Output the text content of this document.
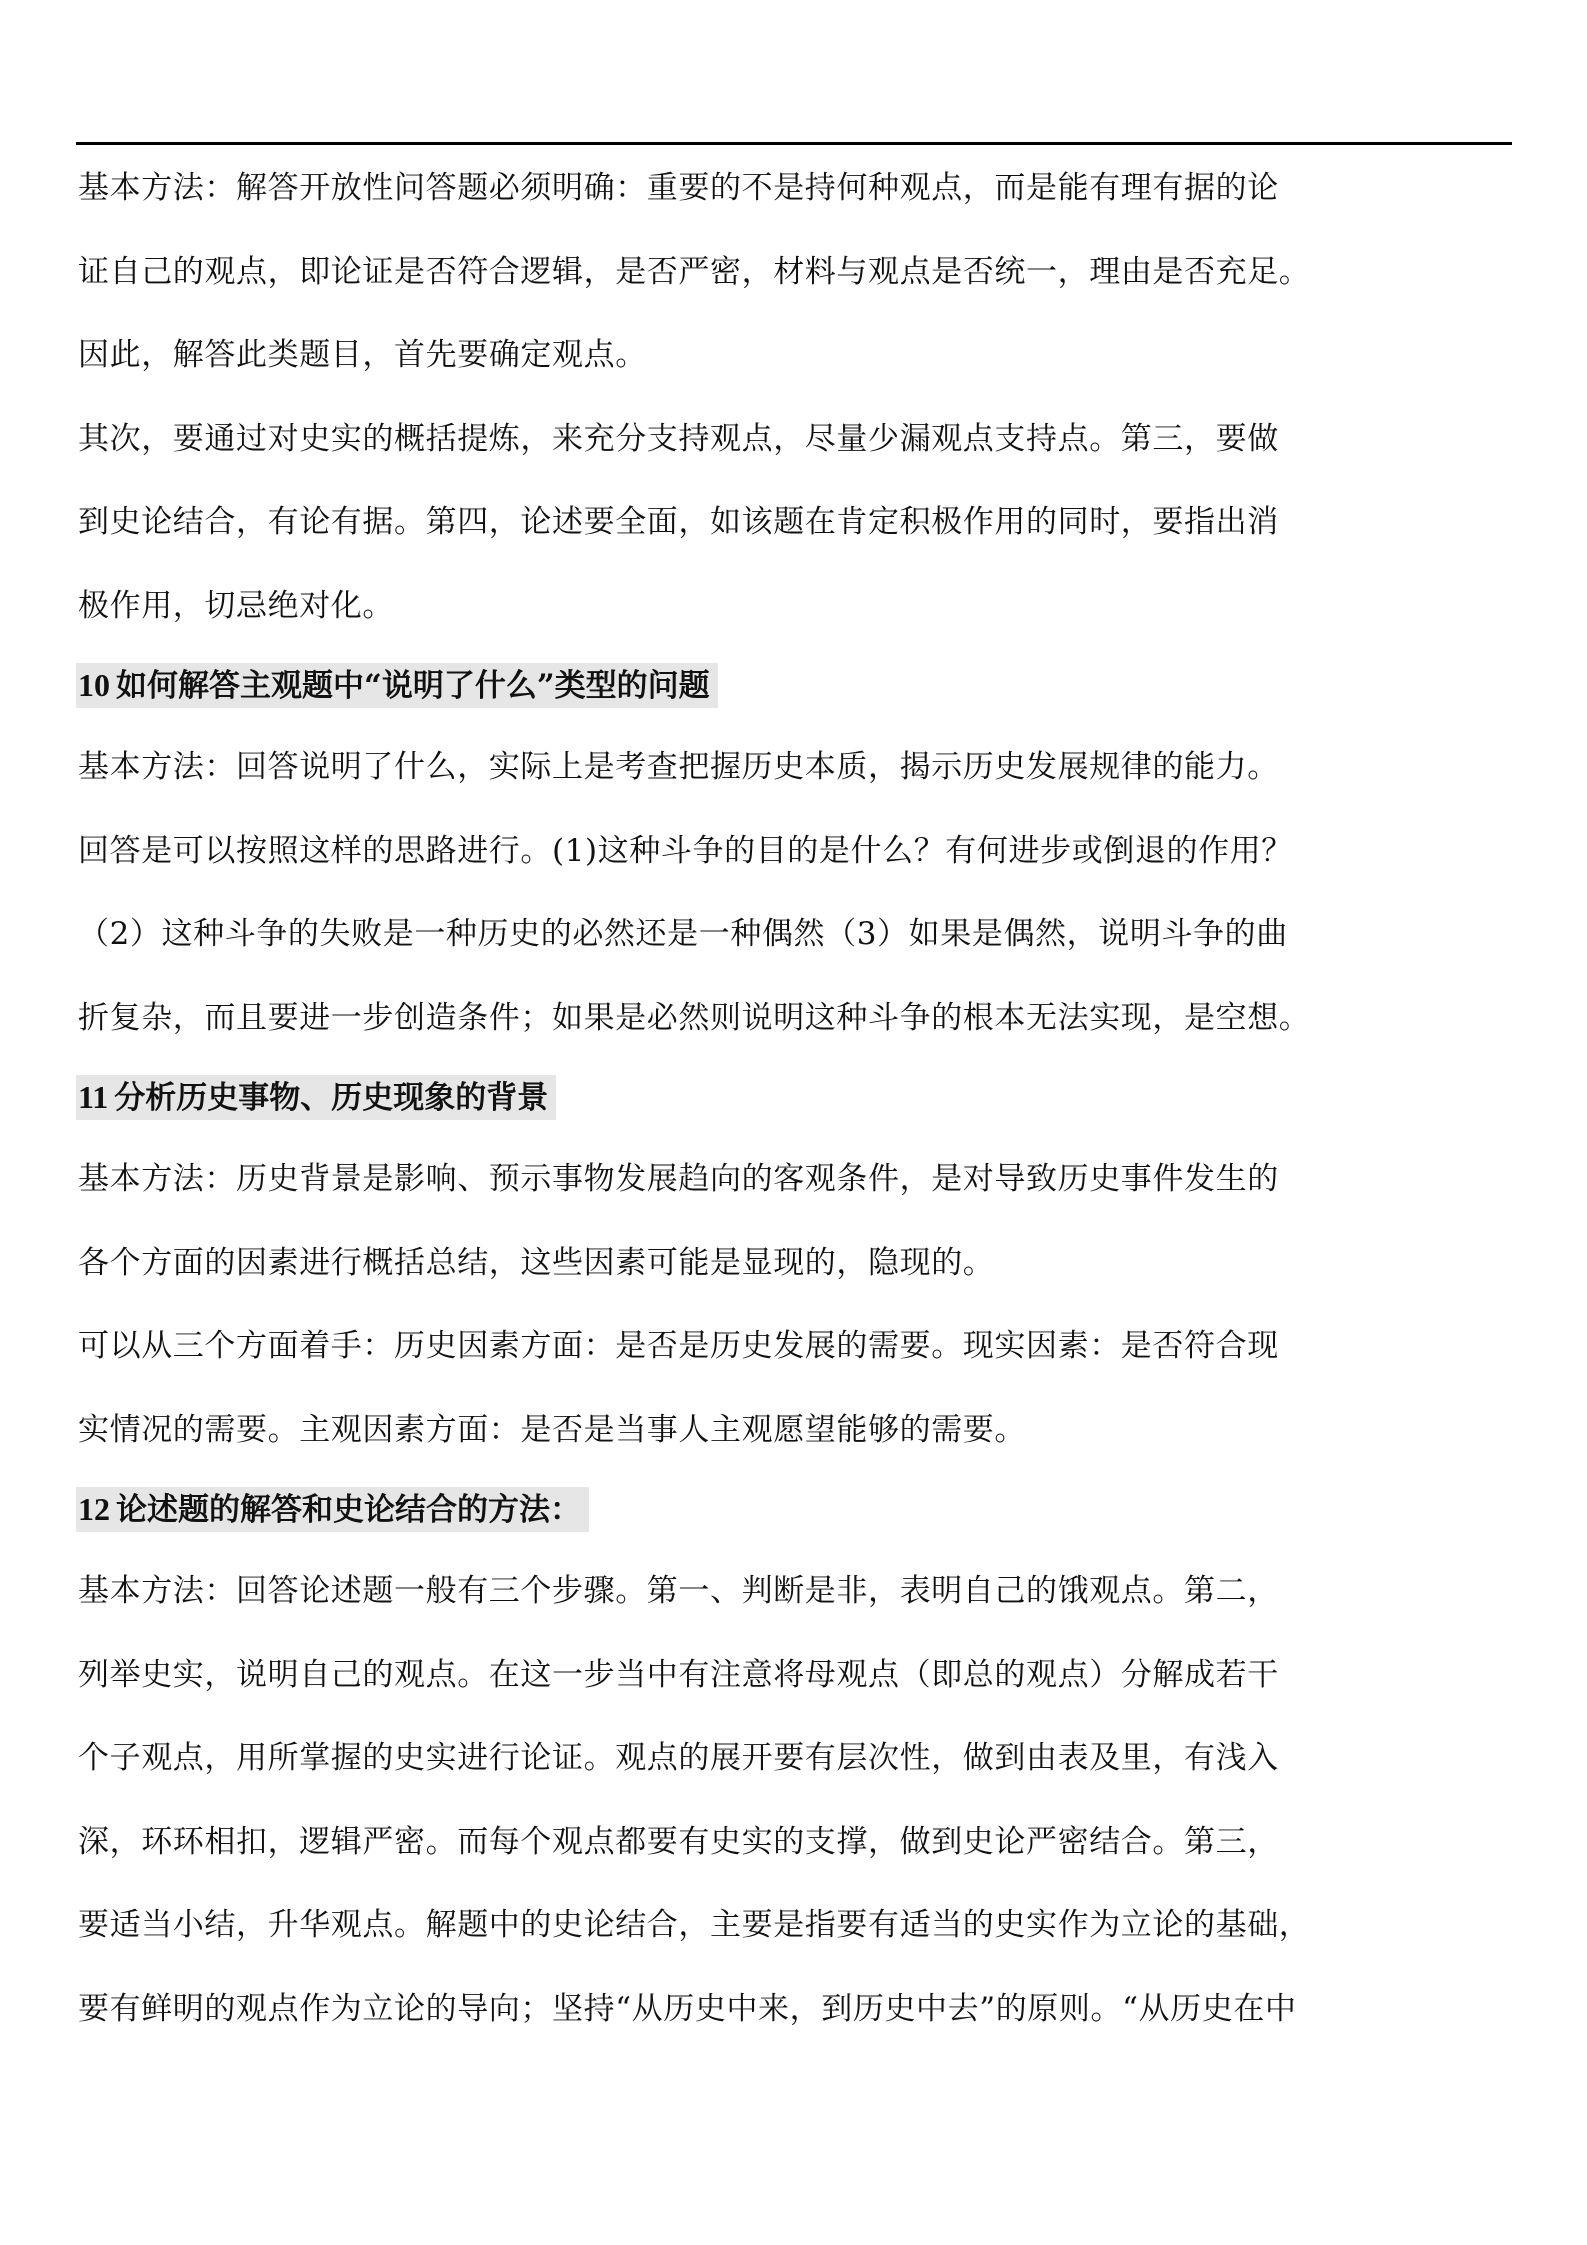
基本方法：解答开放性问答题必须明确：重要的不是持何种观点，而是能有理有据的论
证自己的观点，即论证是否符合逻辑，是否严密，材料与观点是否统一，理由是否充足。
因此，解答此类题目，首先要确定观点。
其次，要通过对史实的概括提炼，来充分支持观点，尽量少漏观点支持点。第三，要做
到史论结合，有论有据。第四，论述要全面，如该题在肯定积极作用的同时，要指出消
极作用，切忌绝对化。
10 如何解答主观题中“说明了什么”类型的问题
基本方法：回答说明了什么，实际上是考查把握历史本质，揭示历史发展规律的能力。
回答是可以按照这样的思路进行。(1)这种斗争的目的是什么？有何进步或倒退的作用？
（2）这种斗争的失败是一种历史的必然还是一种偶然（3）如果是偶然，说明斗争的曲
折复杂，而且要进一步创造条件；如果是必然则说明这种斗争的根本无法实现，是空想。
11 分析历史事物、历史现象的背景
基本方法：历史背景是影响、预示事物发展趋向的客观条件，是对导致历史事件发生的
各个方面的因素进行概括总结，这些因素可能是显现的，隐现的。
可以从三个方面着手：历史因素方面：是否是历史发展的需要。现实因素：是否符合现
实情况的需要。主观因素方面：是否是当事人主观愿望能够的需要。
12 论述题的解答和史论结合的方法：
基本方法：回答论述题一般有三个步骤。第一、判断是非，表明自己的饿观点。第二，
列举史实，说明自己的观点。在这一步当中有注意将母观点（即总的观点）分解成若干
个子观点，用所掌握的史实进行论证。观点的展开要有层次性，做到由表及里，有浅入
深，环环相扣，逻辑严密。而每个观点都要有史实的支撑，做到史论严密结合。第三，
要适当小结，升华观点。解题中的史论结合，主要是指要有适当的史实作为立论的基础，
要有鲜明的观点作为立论的导向；坚持“从历史中来，到历史中去”的原则。“从历史在中
